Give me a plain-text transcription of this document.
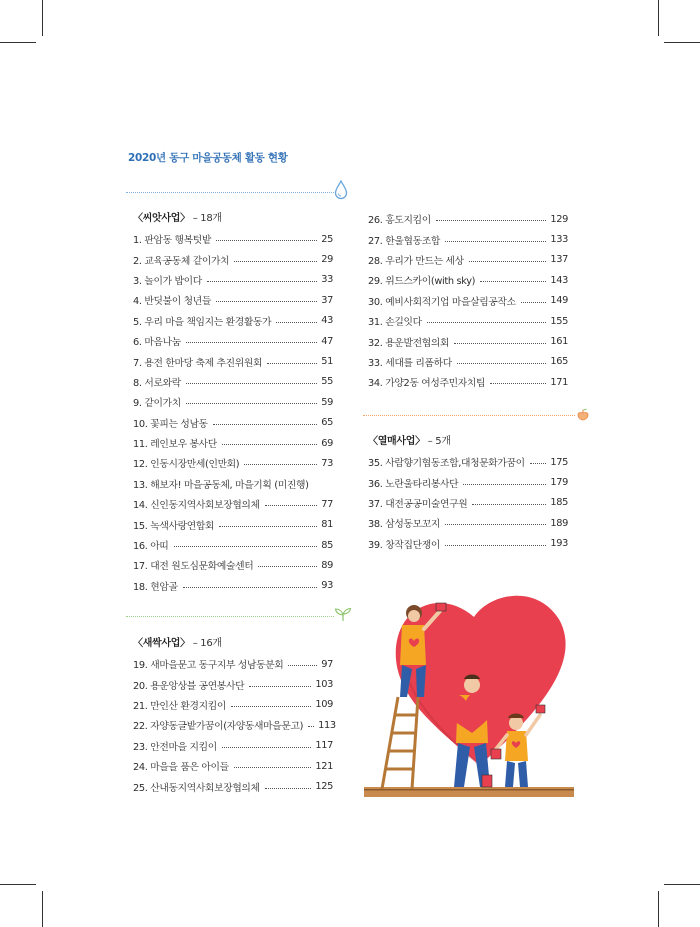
2020년 동구 마을공동체 활동 현황
〈씨앗사업〉 – 18개
1. 판암동 행복텃밭	25
2. 교육공동체 같이가치	29
3. 놀이가 밥이다	33
4. 반딧불이 청년들	37
5. 우리 마을 책임지는 환경활동가	43
6. 마음나눔	47
7. 용전 한마당 축제 추진위원회	51
8. 서로와락	55
9. 같이가치	59
10. 꽃피는 성남동	65
11. 레인보우 봉사단	69
12. 인동시장만세(인만회)	73
13. 해보자! 마을공동체, 마을기획 (미진행)
14. 신인동지역사회보장협의체	77
15. 녹색사랑연합회	81
16. 아띠	85
17. 대전 원도심문화예술센터	89
18. 현암골	93
〈새싹사업〉 – 16개
19. 새마을문고 동구지부 성남동분회	97
20. 용운앙상블 공연봉사단	103
21. 만인산 환경지킴이	109
22. 자양동글밭가꿈이(자양동새마을문고) 113
23. 안전마을 지킴이	117
24. 마을을 품은 아이들	121
25. 산내동지역사회보장협의체	125
26. 홍도지킴이	129
27. 한울협동조합	133
28. 우리가 만드는 세상	137
29. 위드스카이(with sky)	143
30. 예비사회적기업 마을살림공작소	149
31. 손길잇다	155
32. 용운발전협의회	161
33. 세대를 리폼하다	165
34. 가양2동 여성주민자치팀	171
〈열매사업〉 – 5개
35. 사람향기협동조합,대청문화가꿈이	175
36. 노란울타리봉사단	179
37. 대전공공미술연구원	185
38. 삼성동모꼬지	189
39. 창작집단쟁이	193
